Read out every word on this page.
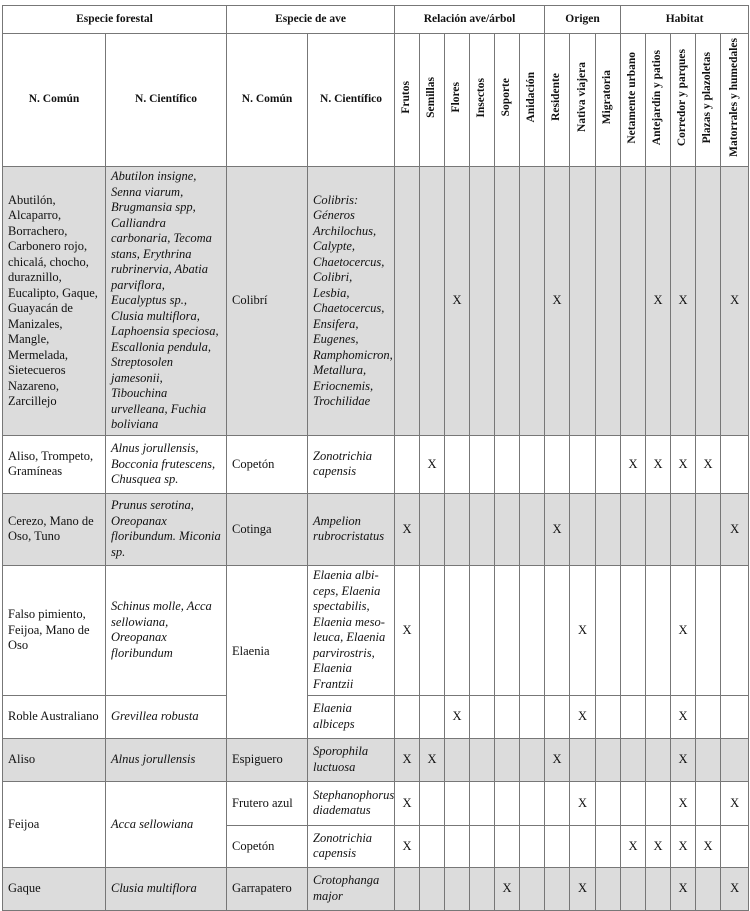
Especie forestal		Especie de ave		Relación ave/árbol						Origen			Habitat				
N. Común	N. Científico	N. Común	N. Científico	Frutos	Semillas	Flores	Insectos	Soporte	Anidación	Residente	Nativa viajera	Migratoria	Netamente urbano	Antejardín y patios	Corredor y parques	Plazas y plazoletas	Matorrales y humedales
Abutilón, Alcaparro, Borrachero, Carbonero rojo, chicalá, chocho, duraznillo, Eucalipto, Gaque, Guayacán de Manizales, Mangle, Mermelada, Sietecueros Nazareno, Zarcillejo	Abutilon insigne, Senna viarum, Brugmansia spp, Calliandra carbonaria, Tecoma stans, Erythrina rubrinervia, Abatia parviflora, Eucalyptus sp., Clusia multiflora, Laphoensia speciosa, Escallonia pendula, Streptosolen jamesonii, Tibouchina urvelleana, Fuchia boliviana	Colibrí	Colibris: Géneros Archilochus, Calypte, Chaetocercus, Colibri, Lesbia, Chaetocercus, Ensifera, Eugenes, Ramphomicron, Metallura, Eriocnemis, Trochilidae			X				X				X	X		X
Aliso, Trompeto, Gramíneas	Alnus jorullensis, Bocconia frutescens, Chusquea sp.	Copetón	Zonotrichia capensis		X								X	X	X	X	
Cerezo, Mano de Oso, Tuno	Prunus serotina, Oreopanax floribundum. Miconia sp.	Cotinga	Ampelion rubrocristatus	X						X							X
Falso pimiento, Feijoa, Mano de Oso	Schinus molle, Acca sellowiana, Oreopanax floribundum	Elaenia	Elaenia albi-ceps, Elaenia spectabilis, Elaenia meso-leuca, Elaenia parvirostris, Elaenia Frantzii	X							X				X		
Roble Australiano	Grevillea robusta		Elaenia albiceps			X					X				X		
Aliso	Alnus jorullensis	Espiguero	Sporophila luctuosa	X	X					X					X		
Feijoa	Acca sellowiana	Frutero azul	Stephanophorus diadematus	X							X				X		X
		Copetón	Zonotrichia capensis	X									X	X	X	X	
Gaque	Clusia multiflora	Garrapatero	Crotophanga major					X			X				X		X
